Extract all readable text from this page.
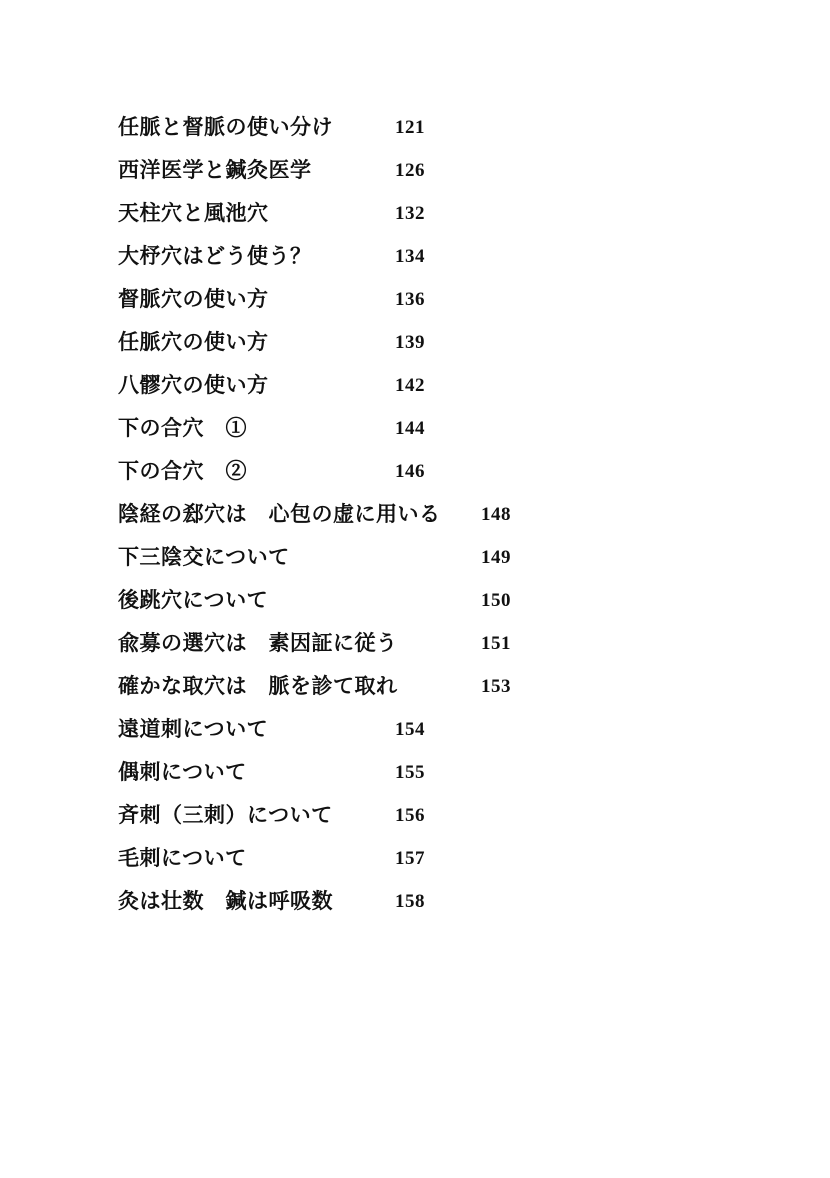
任脈と督脈の使い分け	121
西洋医学と鍼灸医学	126
天柱穴と風池穴	132
大杼穴はどう使う？	134
督脈穴の使い方	136
任脈穴の使い方	139
八髎穴の使い方	142
下の合穴　①	144
下の合穴　②	146
陰経の郄穴は　心包の虚に用いる 148
下三陰交について	149
後跳穴について	150
兪募の選穴は　素因証に従う	151
確かな取穴は　脈を診て取れ	153
遠道刺について	154
偶刺について	155
斉刺（三刺）について	156
毛刺について	157
灸は壮数　鍼は呼吸数	158
